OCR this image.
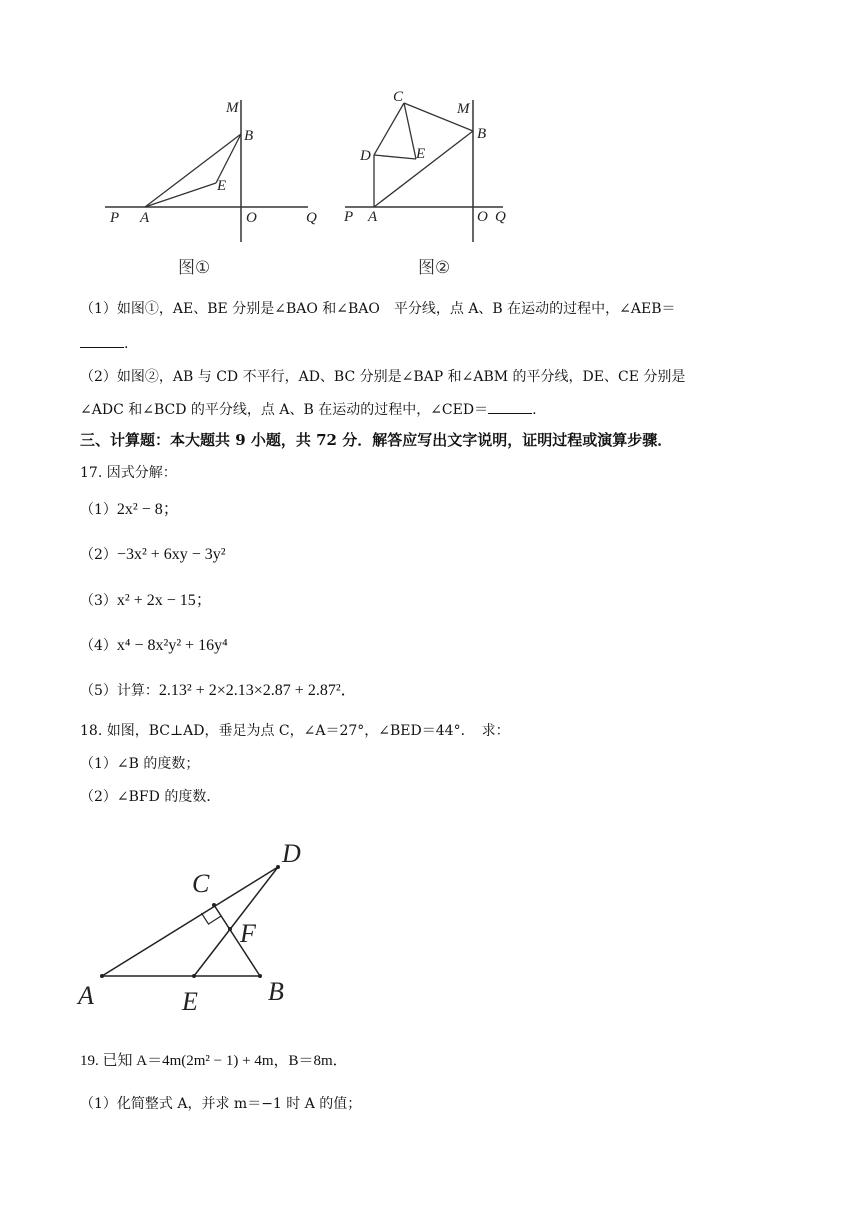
M
B
E
P A	O	Q
图①
C
M
B
D	E
P A	O Q
图②
（1）如图①，AE、BE 分别是∠BAO 和∠BAO　平分线，点 A、B 在运动的过程中，∠AEB＝
.
（2）如图②，AB 与 CD 不平行，AD、BC 分别是∠BAP 和∠ABM 的平分线，DE、CE 分别是
∠ADC 和∠BCD 的平分线，点 A、B 在运动的过程中，∠CED＝	.
三、计算题：本大题共 9 小题，共 72 分．解答应写出文字说明，证明过程或演算步骤．
17. 因式分解：
（1）2x² − 8；
（2）−3x² + 6xy − 3y²
（3）x² + 2x − 15；
（4）x⁴ − 8x²y² + 16y⁴
（5）计算：2.13² + 2×2.13×2.87 + 2.87²．
18. 如图，BC⊥AD，垂足为点 C，∠A＝27°，∠BED＝44°．　求：
（1）∠B 的度数；
（2）∠BFD 的度数．
A	E	B
C
F
D
19. 已知 A＝4m(2m² − 1) + 4m，B＝8m．
（1）化简整式 A，并求 m＝−1 时 A 的值；
